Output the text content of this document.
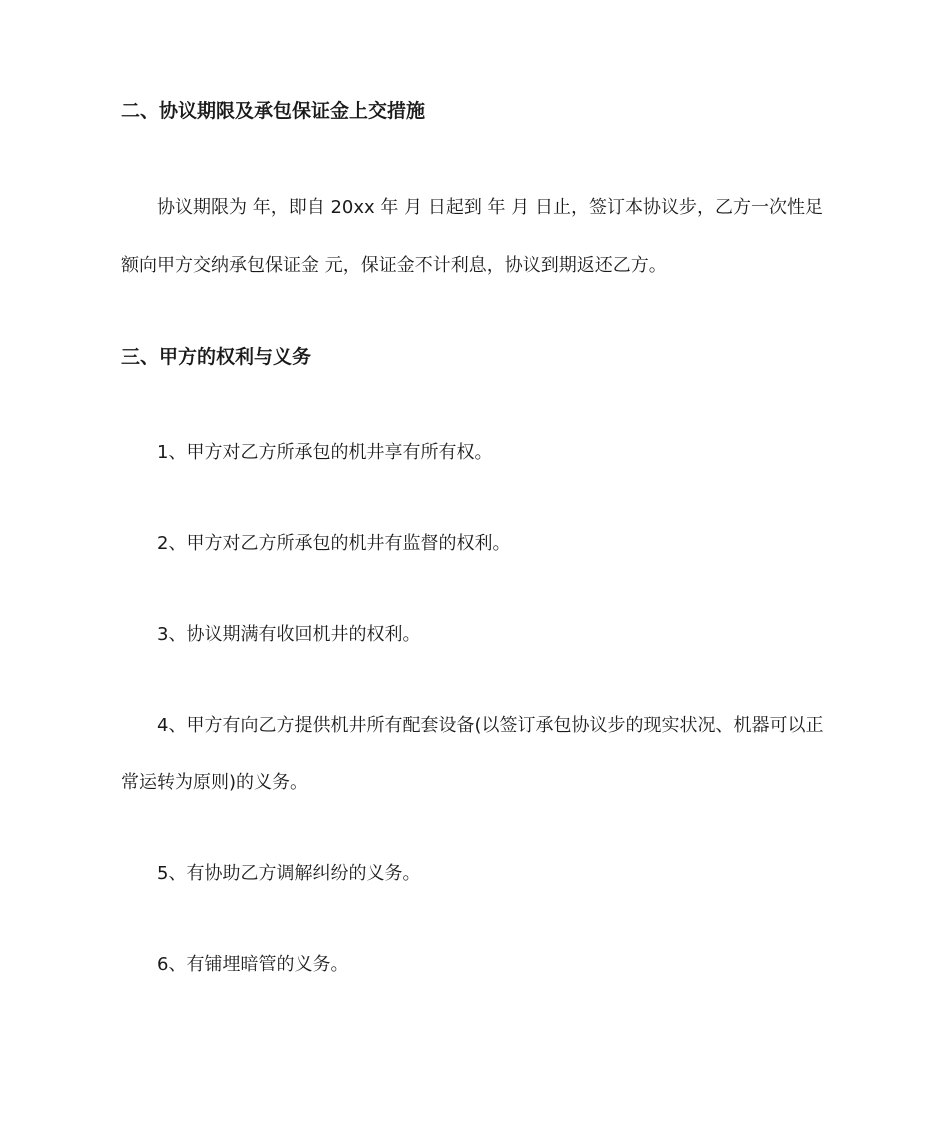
二、协议期限及承包保证金上交措施
协议期限为 年，即自 20xx 年 月 日起到 年 月 日止，签订本协议步，乙方一次性足
额向甲方交纳承包保证金 元，保证金不计利息，协议到期返还乙方。
三、甲方的权利与义务
1、甲方对乙方所承包的机井享有所有权。
2、甲方对乙方所承包的机井有监督的权利。
3、协议期满有收回机井的权利。
4、甲方有向乙方提供机井所有配套设备(以签订承包协议步的现实状况、机器可以正
常运转为原则)的义务。
5、有协助乙方调解纠纷的义务。
6、有铺埋暗管的义务。
